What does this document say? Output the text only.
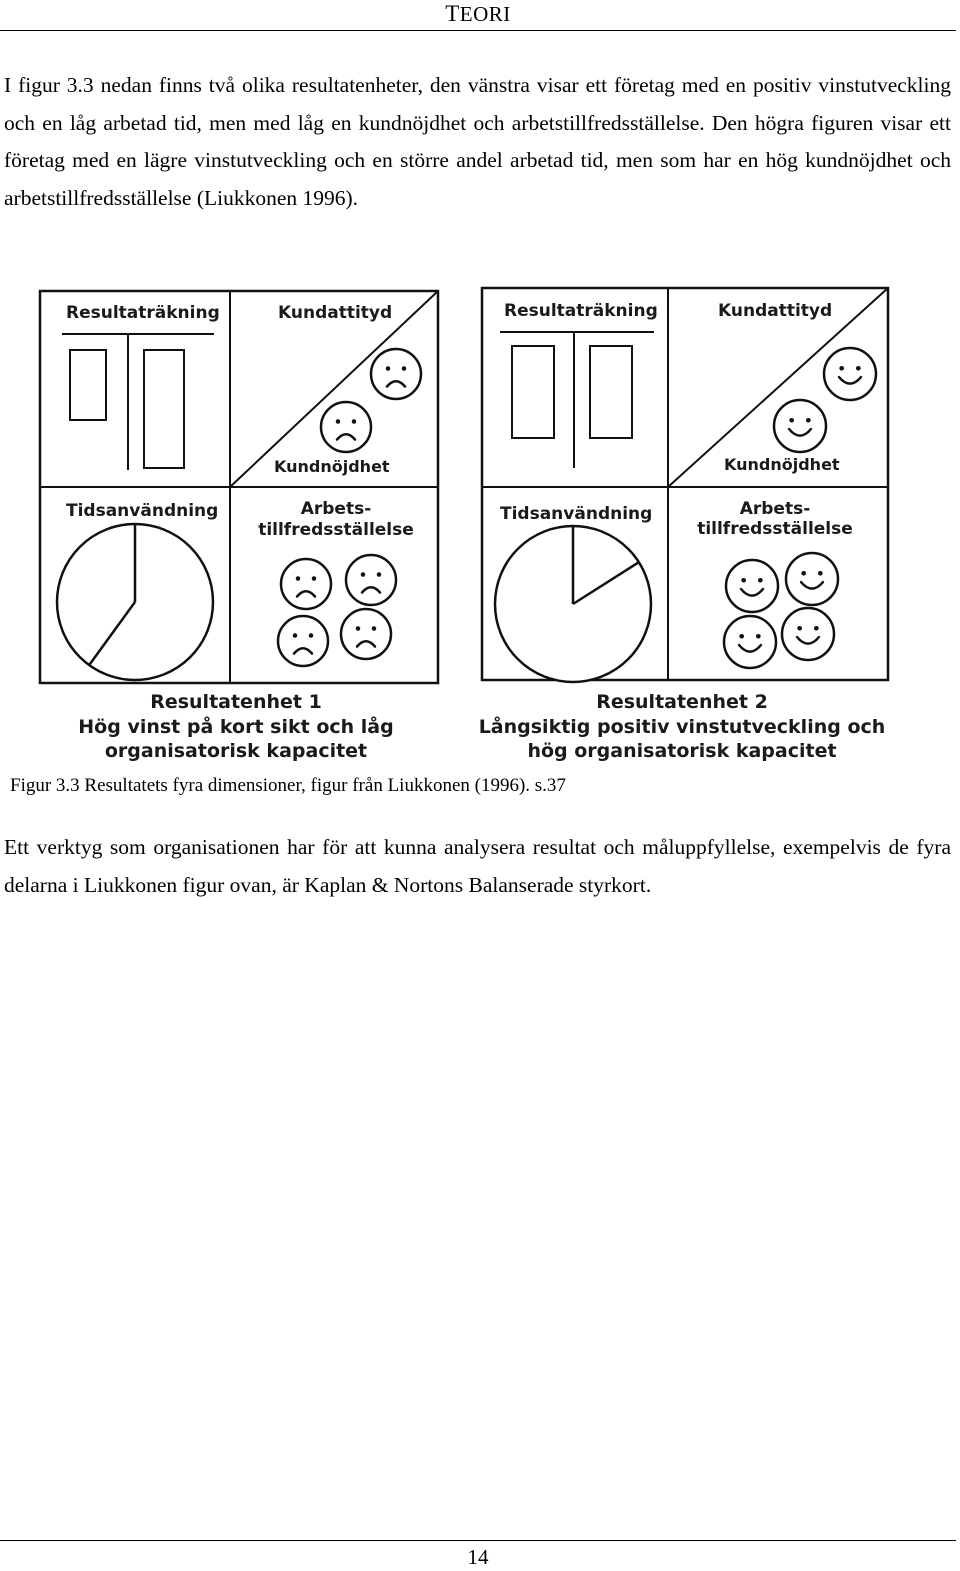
TEORI

I figur 3.3 nedan finns två olika resultatenheter, den vänstra visar ett företag med en positiv vinstutveckling och en låg arbetad tid, men med låg en kundnöjdhet och arbetstillfredsställelse. Den högra figuren visar ett företag med en lägre vinstutveckling och en större andel arbetad tid, men som har en hög kundnöjdhet och arbetstillfredsställelse (Liukkonen 1996).

Resultaträkning	Kundattityd
Kundnöjdhet
Tidsanvändning	Arbets-
tillfredsställelse
Resultatenhet 1
Hög vinst på kort sikt och låg
organisatorisk kapacitet
Resultaträkning	Kundattityd
Kundnöjdhet
Tidsanvändning	Arbets-
tillfredsställelse
Resultatenhet 2
Långsiktig positiv vinstutveckling och
hög organisatorisk kapacitet
Figur 3.3 Resultatets fyra dimensioner, figur från Liukkonen (1996). s.37

Ett verktyg som organisationen har för att kunna analysera resultat och måluppfyllelse, exempelvis de fyra delarna i Liukkonen figur ovan, är Kaplan & Nortons Balanserade styrkort.

14
